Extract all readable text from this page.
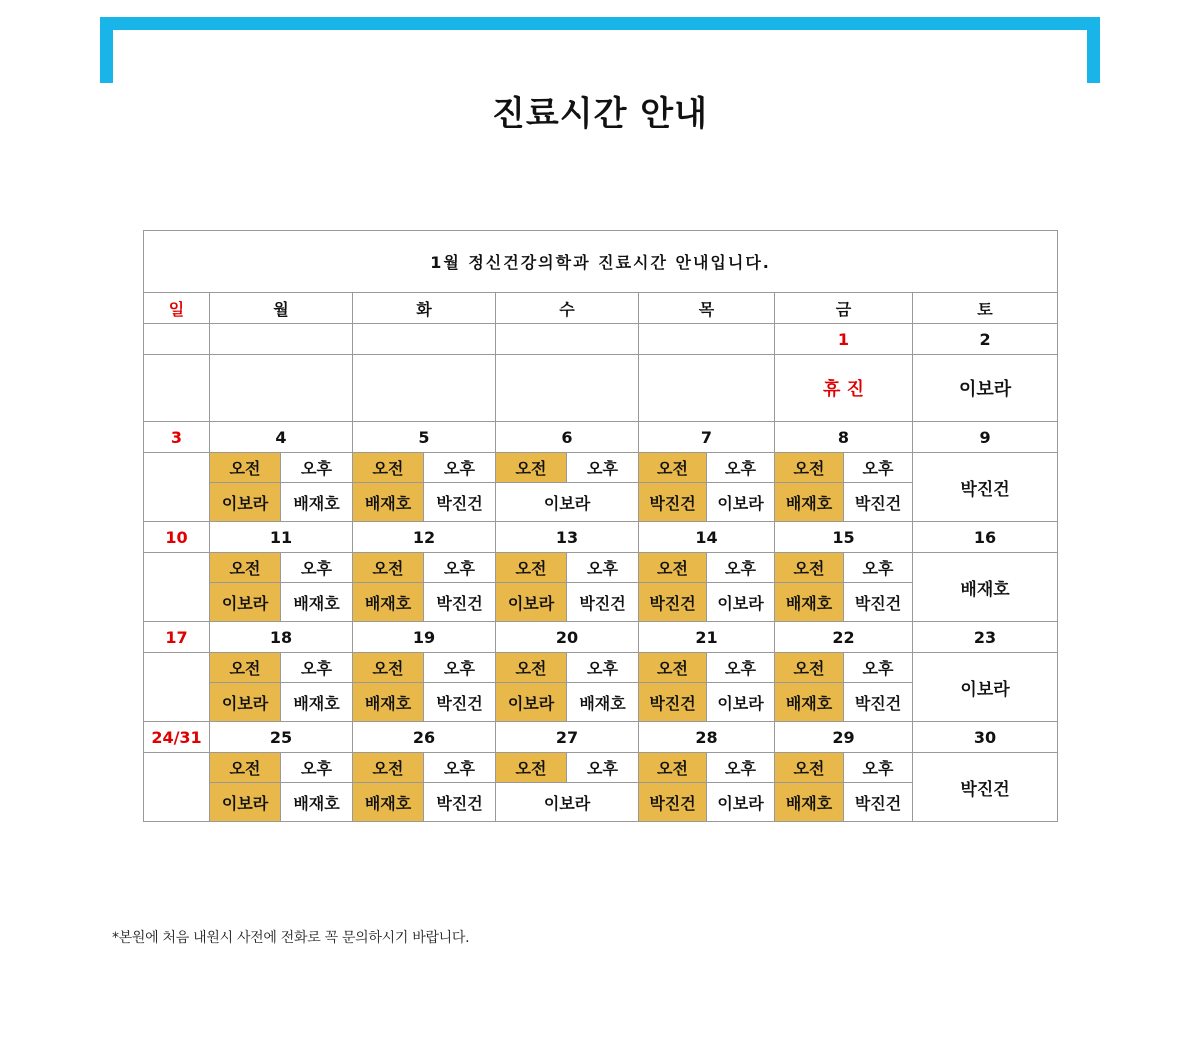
진료시간 안내
1월 정신건강의학과 진료시간 안내입니다.											
일	월		화		수		목		금		토
									1		2
									휴 진		이보라
3	4		5		6		7		8		9
	오전	오후	오전	오후	오전	오후	오전	오후	오전	오후	박진건
	이보라	배재호	배재호	박진건	이보라		박진건	이보라	배재호	박진건	
10	11		12		13		14		15		16
	오전	오후	오전	오후	오전	오후	오전	오후	오전	오후	배재호
	이보라	배재호	배재호	박진건	이보라	박진건	박진건	이보라	배재호	박진건	
17	18		19		20		21		22		23
	오전	오후	오전	오후	오전	오후	오전	오후	오전	오후	이보라
	이보라	배재호	배재호	박진건	이보라	배재호	박진건	이보라	배재호	박진건	
24/31	25		26		27		28		29		30
	오전	오후	오전	오후	오전	오후	오전	오후	오전	오후	박진건
	이보라	배재호	배재호	박진건	이보라		박진건	이보라	배재호	박진건	
*본원에 처음 내원시 사전에 전화로 꼭 문의하시기 바랍니다.
